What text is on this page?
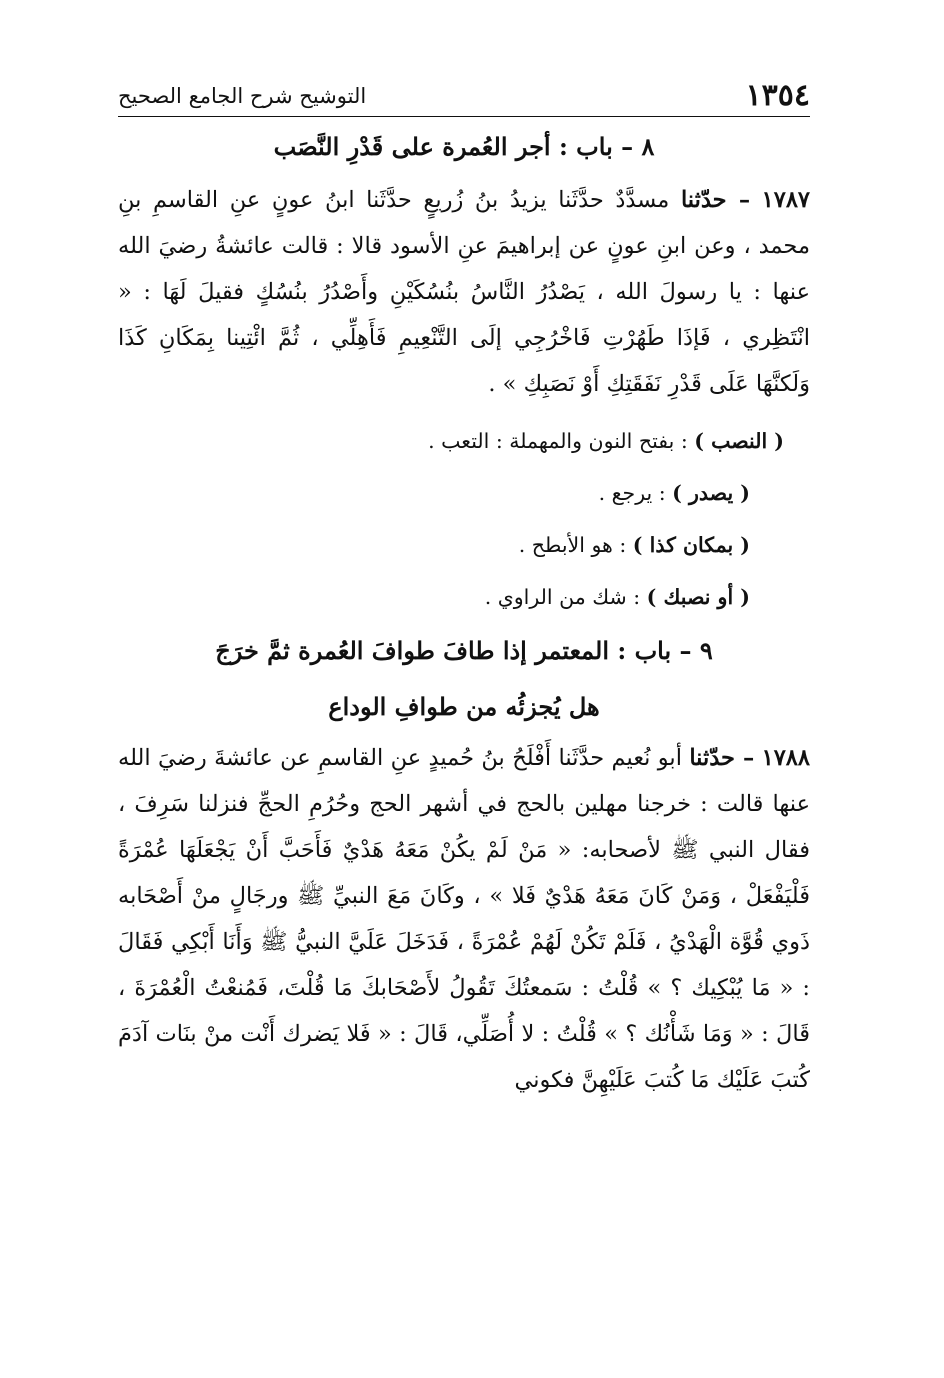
١٣٥٤
التوشيح شرح الجامع الصحيح
٨ – باب : أجر العُمرة على قَدْرِ النَّصَب

١٧٨٧ – حدّثنا مسدَّدٌ حدَّثَنا يزيدُ بنُ زُريعٍ حدَّثَنا ابنُ عونٍ عنِ القاسمِ بنِ محمد ، وعن ابنِ عونٍ عن إبراهيمَ عنِ الأسود قالا : قالت عائشةُ رضيَ الله عنها : يا رسولَ الله ، يَصْدُرُ النَّاسُ بنُسُكَيْنِ وأَصْدُرُ بنُسُكٍ فقيلَ لَهَا : « انْتَظِري ، فَإذَا طَهُرْتِ فَاخْرُجِي إلَى التَّنْعِيمِ فَأَهِلِّي ، ثُمَّ ائْتِينا بِمَكَانِ كَذَا وَلَكنَّهَا عَلَى قَدْرِ نَفَقَتِكِ أَوْ نَصَبِكِ » .

( النصب ) : بفتح النون والمهملة : التعب .

( يصدر ) : يرجع .

( بمكان كذا ) : هو الأبطح .

( أو نصبك ) : شك من الراوي .

٩ – باب : المعتمر إذا طافَ طوافَ العُمرة ثمَّ خرَجَ
هل يُجزئُه من طوافِ الوداع

١٧٨٨ – حدّثنا أبو نُعيم حدَّثَنا أَفْلَحُ بنُ حُميدٍ عنِ القاسمِ عن عائشةَ رضيَ الله عنها قالت : خرجنا مهلين بالحج في أشهر الحج وحُرُمِ الحجِّ فنزلنا سَرِفَ ، فقال النبي ﷺ لأصحابه: « مَنْ لَمْ يكُنْ مَعَهُ هَدْيٌ فَأَحَبَّ أَنْ يَجْعَلَهَا عُمْرَةً فَلْيَفْعَلْ ، وَمَنْ كَانَ مَعَهُ هَدْيٌ فَلا » ، وكَانَ مَعَ النبيِّ ﷺ ورجَالٍ منْ أَصْحَابه ذَوي قُوَّة الْهَدْيُ ، فَلَمْ تَكُنْ لَهُمْ عُمْرَةً ، فَدَخَلَ عَلَيَّ النبيُّ ﷺ وَأَنَا أَبْكِي فَقَالَ : « مَا يُبْكِيك ؟ » قُلْتُ : سَمعتُكَ تَقُولُ لأَصْحَابكَ مَا قُلْتَ، فَمُنعْتُ الْعُمْرَةَ ، قَالَ : « وَمَا شَأْنُك ؟ » قُلْتُ : لا أُصَلِّي، قَالَ : « فَلا يَضرك أَنْت منْ بنَات آدَمَ كُتبَ عَلَيْك مَا كُتبَ عَلَيْهِنَّ فكوني
